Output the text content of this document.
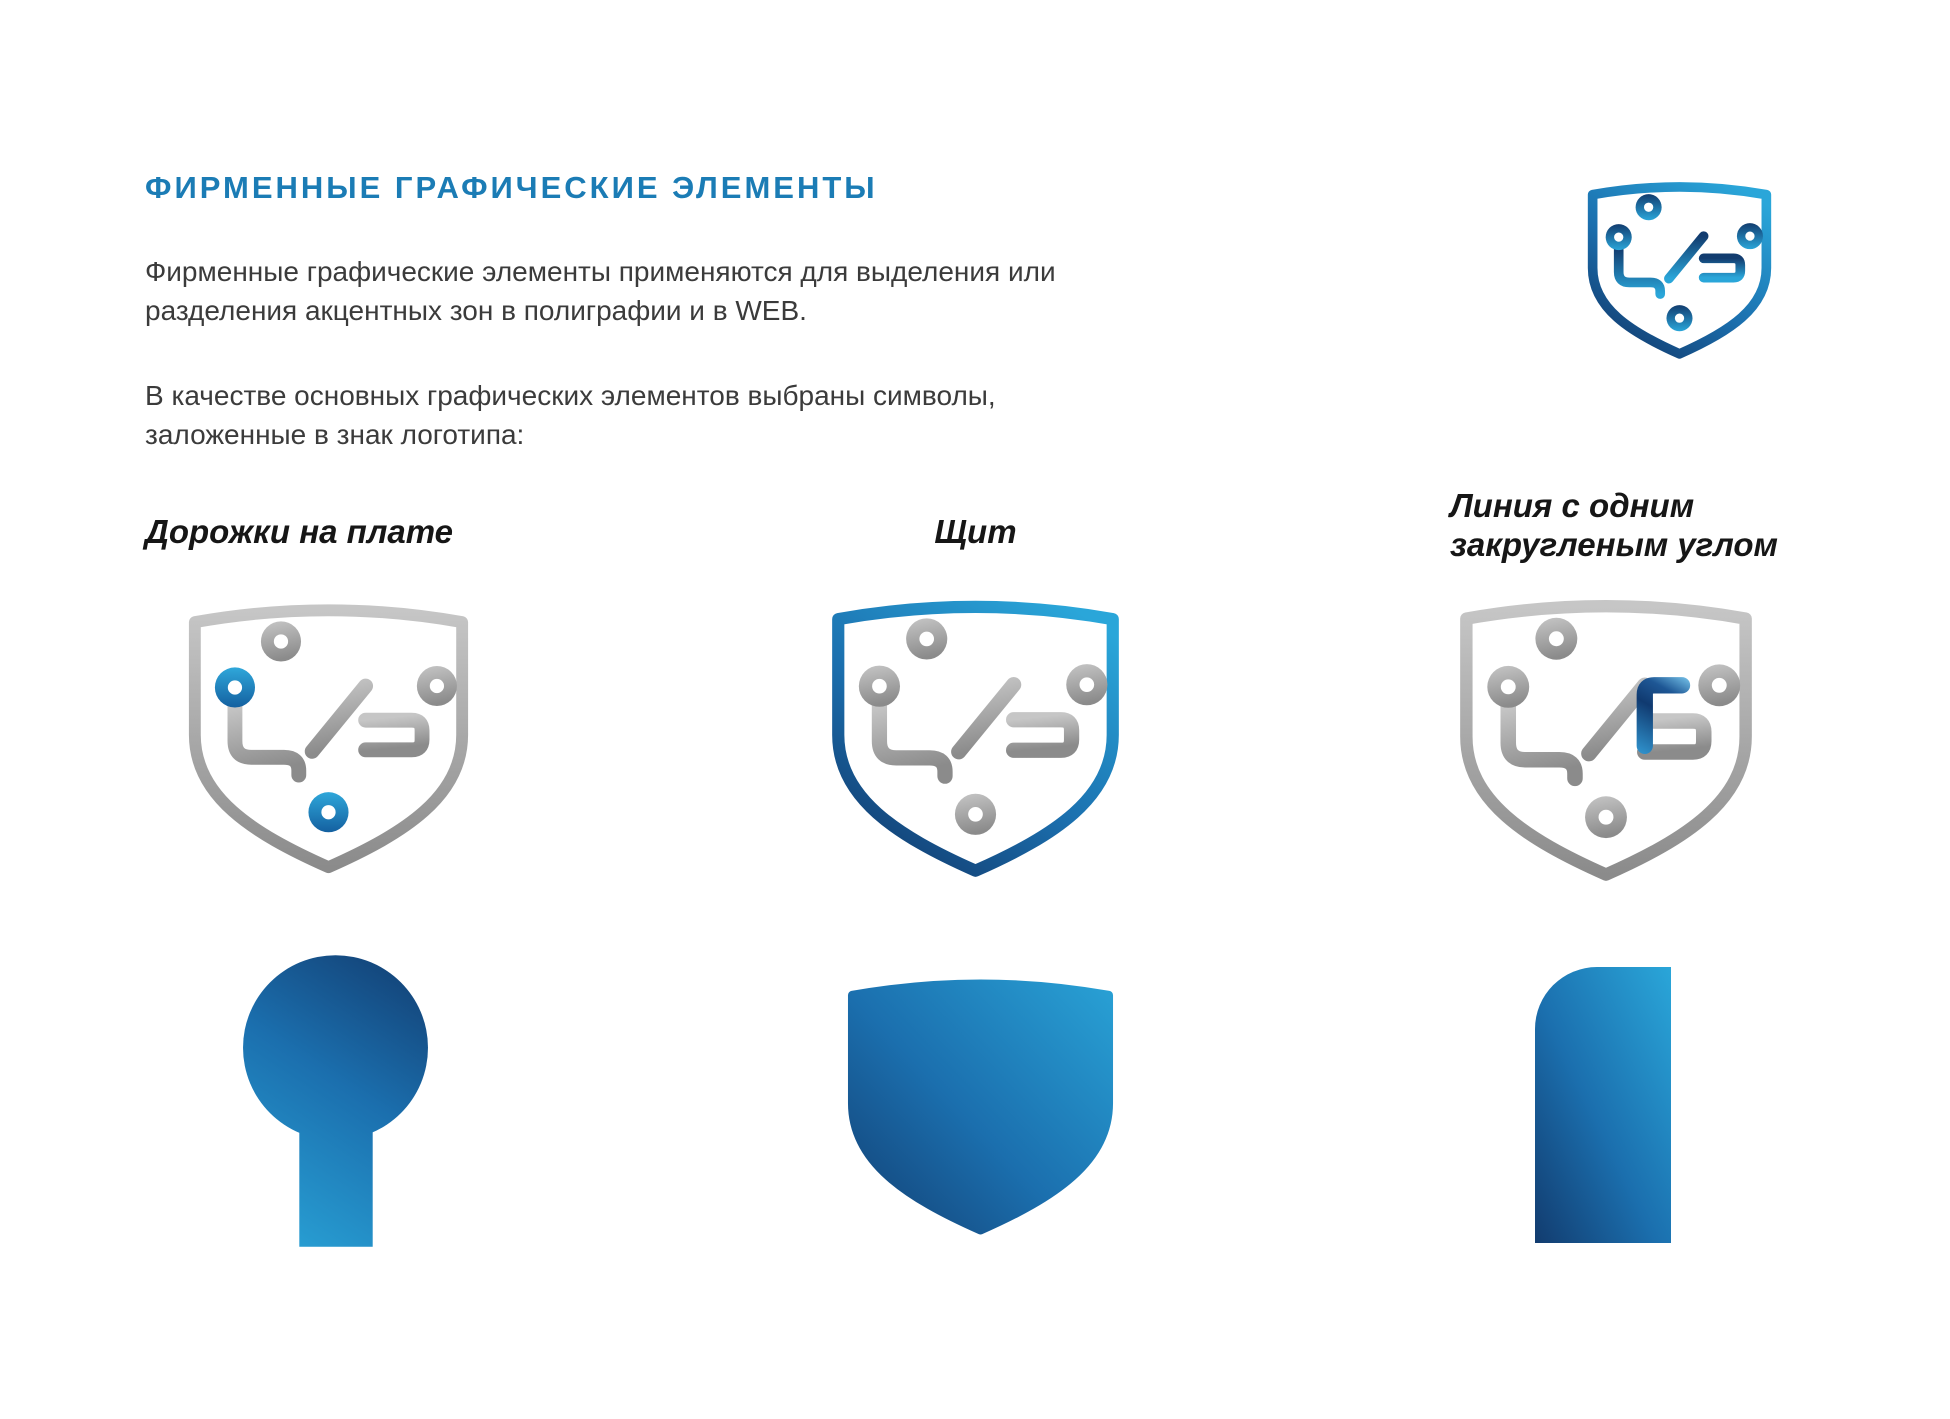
ФИРМЕННЫЕ ГРАФИЧЕСКИЕ ЭЛЕМЕНТЫ
Фирменные графические элементы применяются для выделения или
разделения акцентных зон в полиграфии и в WEB.
В качестве основных графических элементов выбраны символы,
заложенные в знак логотипа:
Дорожки на плате	Щит
Линия с одним
закругленым углом
